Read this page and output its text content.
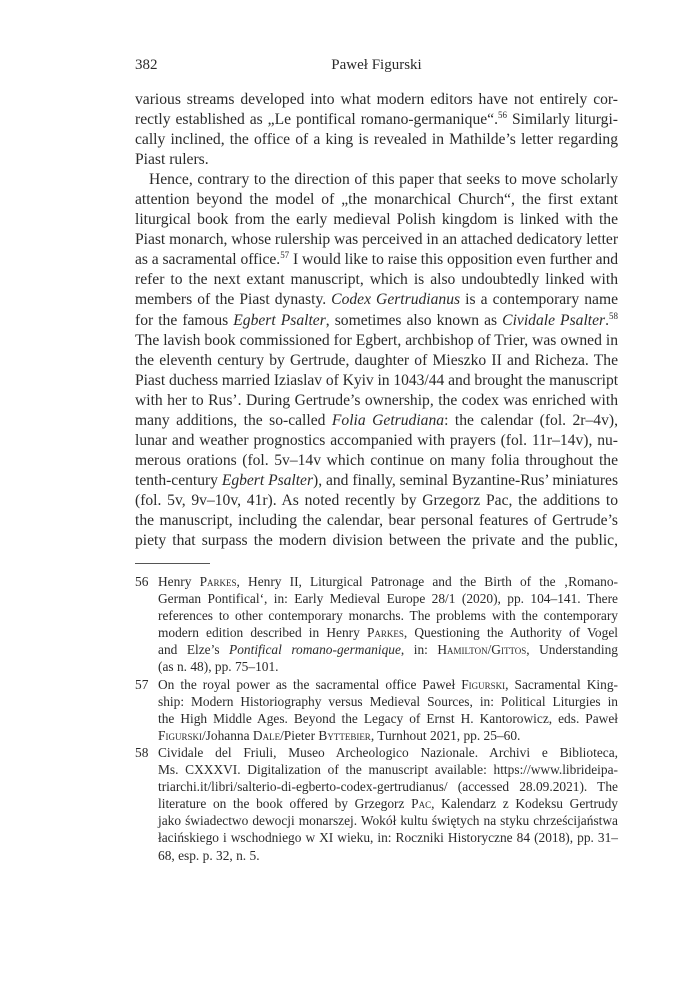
382	Paweł Figurski

various streams developed into what modern editors have not entirely cor-
rectly established as „Le pontifical romano-germanique“.$^{56}$ Similarly liturgi-
cally inclined, the office of a king is revealed in Mathilde’s letter regarding
Piast rulers.

Hence, contrary to the direction of this paper that seeks to move scholarly
attention beyond the model of „the monarchical Church“, the first extant
liturgical book from the early medieval Polish kingdom is linked with the
Piast monarch, whose rulership was perceived in an attached dedicatory letter
as a sacramental office.$^{57}$ I would like to raise this opposition even further and
refer to the next extant manuscript, which is also undoubtedly linked with
members of the Piast dynasty. Codex Gertrudianus is a contemporary name
for the famous Egbert Psalter, sometimes also known as Cividale Psalter.$^{58}$
The lavish book commissioned for Egbert, archbishop of Trier, was owned in
the eleventh century by Gertrude, daughter of Mieszko II and Richeza. The
Piast duchess married Iziaslav of Kyiv in 1043/44 and brought the manuscript
with her to Rus’. During Gertrude’s ownership, the codex was enriched with
many additions, the so-called Folia Getrudiana: the calendar (fol. 2r–4v),
lunar and weather prognostics accompanied with prayers (fol. 11r–14v), nu-
merous orations (fol. 5v–14v which continue on many folia throughout the
tenth-century Egbert Psalter), and finally, seminal Byzantine-Rus’ miniatures
(fol. 5v, 9v–10v, 41r). As noted recently by Grzegorz Pac, the additions to
the manuscript, including the calendar, bear personal features of Gertrude’s
piety that surpass the modern division between the private and the public,

56 Henry Parkes, Henry II, Liturgical Patronage and the Birth of the ‚Romano-
German Pontifical‘, in: Early Medieval Europe 28/1 (2020), pp. 104–141. There
references to other contemporary monarchs. The problems with the contemporary
modern edition described in Henry Parkes, Questioning the Authority of Vogel
and Elze’s Pontifical romano-germanique, in: Hamilton/Gittos, Understanding
(as n. 48), pp. 75–101.
57 On the royal power as the sacramental office Paweł Figurski, Sacramental King-
ship: Modern Historiography versus Medieval Sources, in: Political Liturgies in
the High Middle Ages. Beyond the Legacy of Ernst H. Kantorowicz, eds. Paweł
Figurski/Johanna Dale/Pieter Byttebier, Turnhout 2021, pp. 25–60.
58 Cividale del Friuli, Museo Archeologico Nazionale. Archivi e Biblioteca,
Ms. CXXXVI. Digitalization of the manuscript available: https://www.librideipa-
triarchi.it/libri/salterio-di-egberto-codex-gertrudianus/ (accessed 28.09.2021). The
literature on the book offered by Grzegorz Pac, Kalendarz z Kodeksu Gertrudy
jako świadectwo dewocji monarszej. Wokół kultu świętych na styku chrześcijaństwa
łacińskiego i wschodniego w XI wieku, in: Roczniki Historyczne 84 (2018), pp. 31–
68, esp. p. 32, n. 5.
